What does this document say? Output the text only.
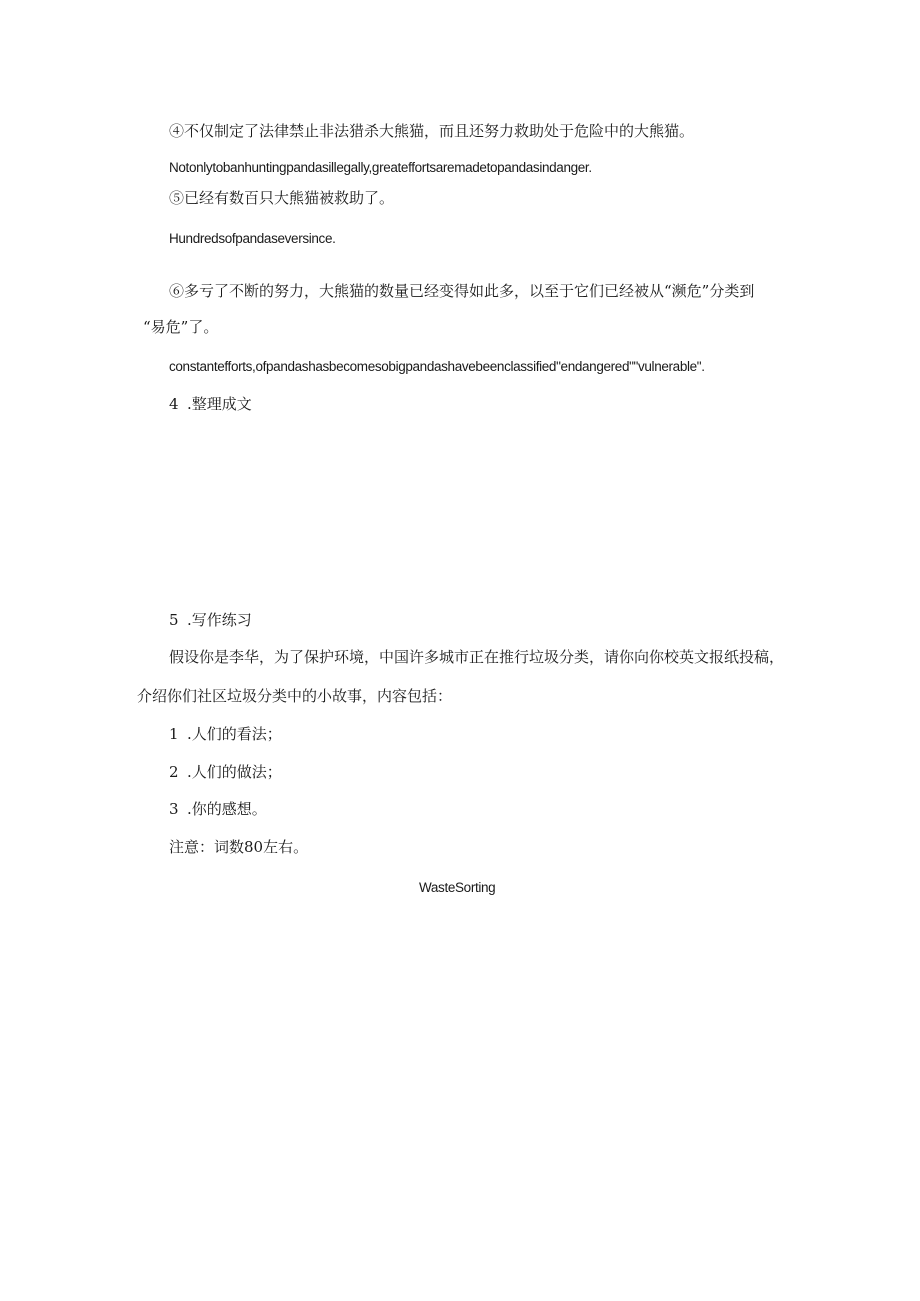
④不仅制定了法律禁止非法猎杀大熊猫，而且还努力救助处于危险中的大熊猫。
Notonlytobanhuntingpandasillegally,greateffortsaremadetopandasindanger.
⑤已经有数百只大熊猫被救助了。
Hundredsofpandaseversince.
⑥多亏了不断的努力，大熊猫的数量已经变得如此多，以至于它们已经被从“濒危”分类到
“易危”了。
constantefforts,ofpandashasbecomesobigpandashavebeenclassified"endangered""vulnerable".
4 .整理成文
5 .写作练习
假设你是李华，为了保护环境，中国许多城市正在推行垃圾分类，请你向你校英文报纸投稿，
介绍你们社区垃圾分类中的小故事，内容包括：
1 .人们的看法；
2 .人们的做法；
3 .你的感想。
注意：词数80左右。
WasteSorting
